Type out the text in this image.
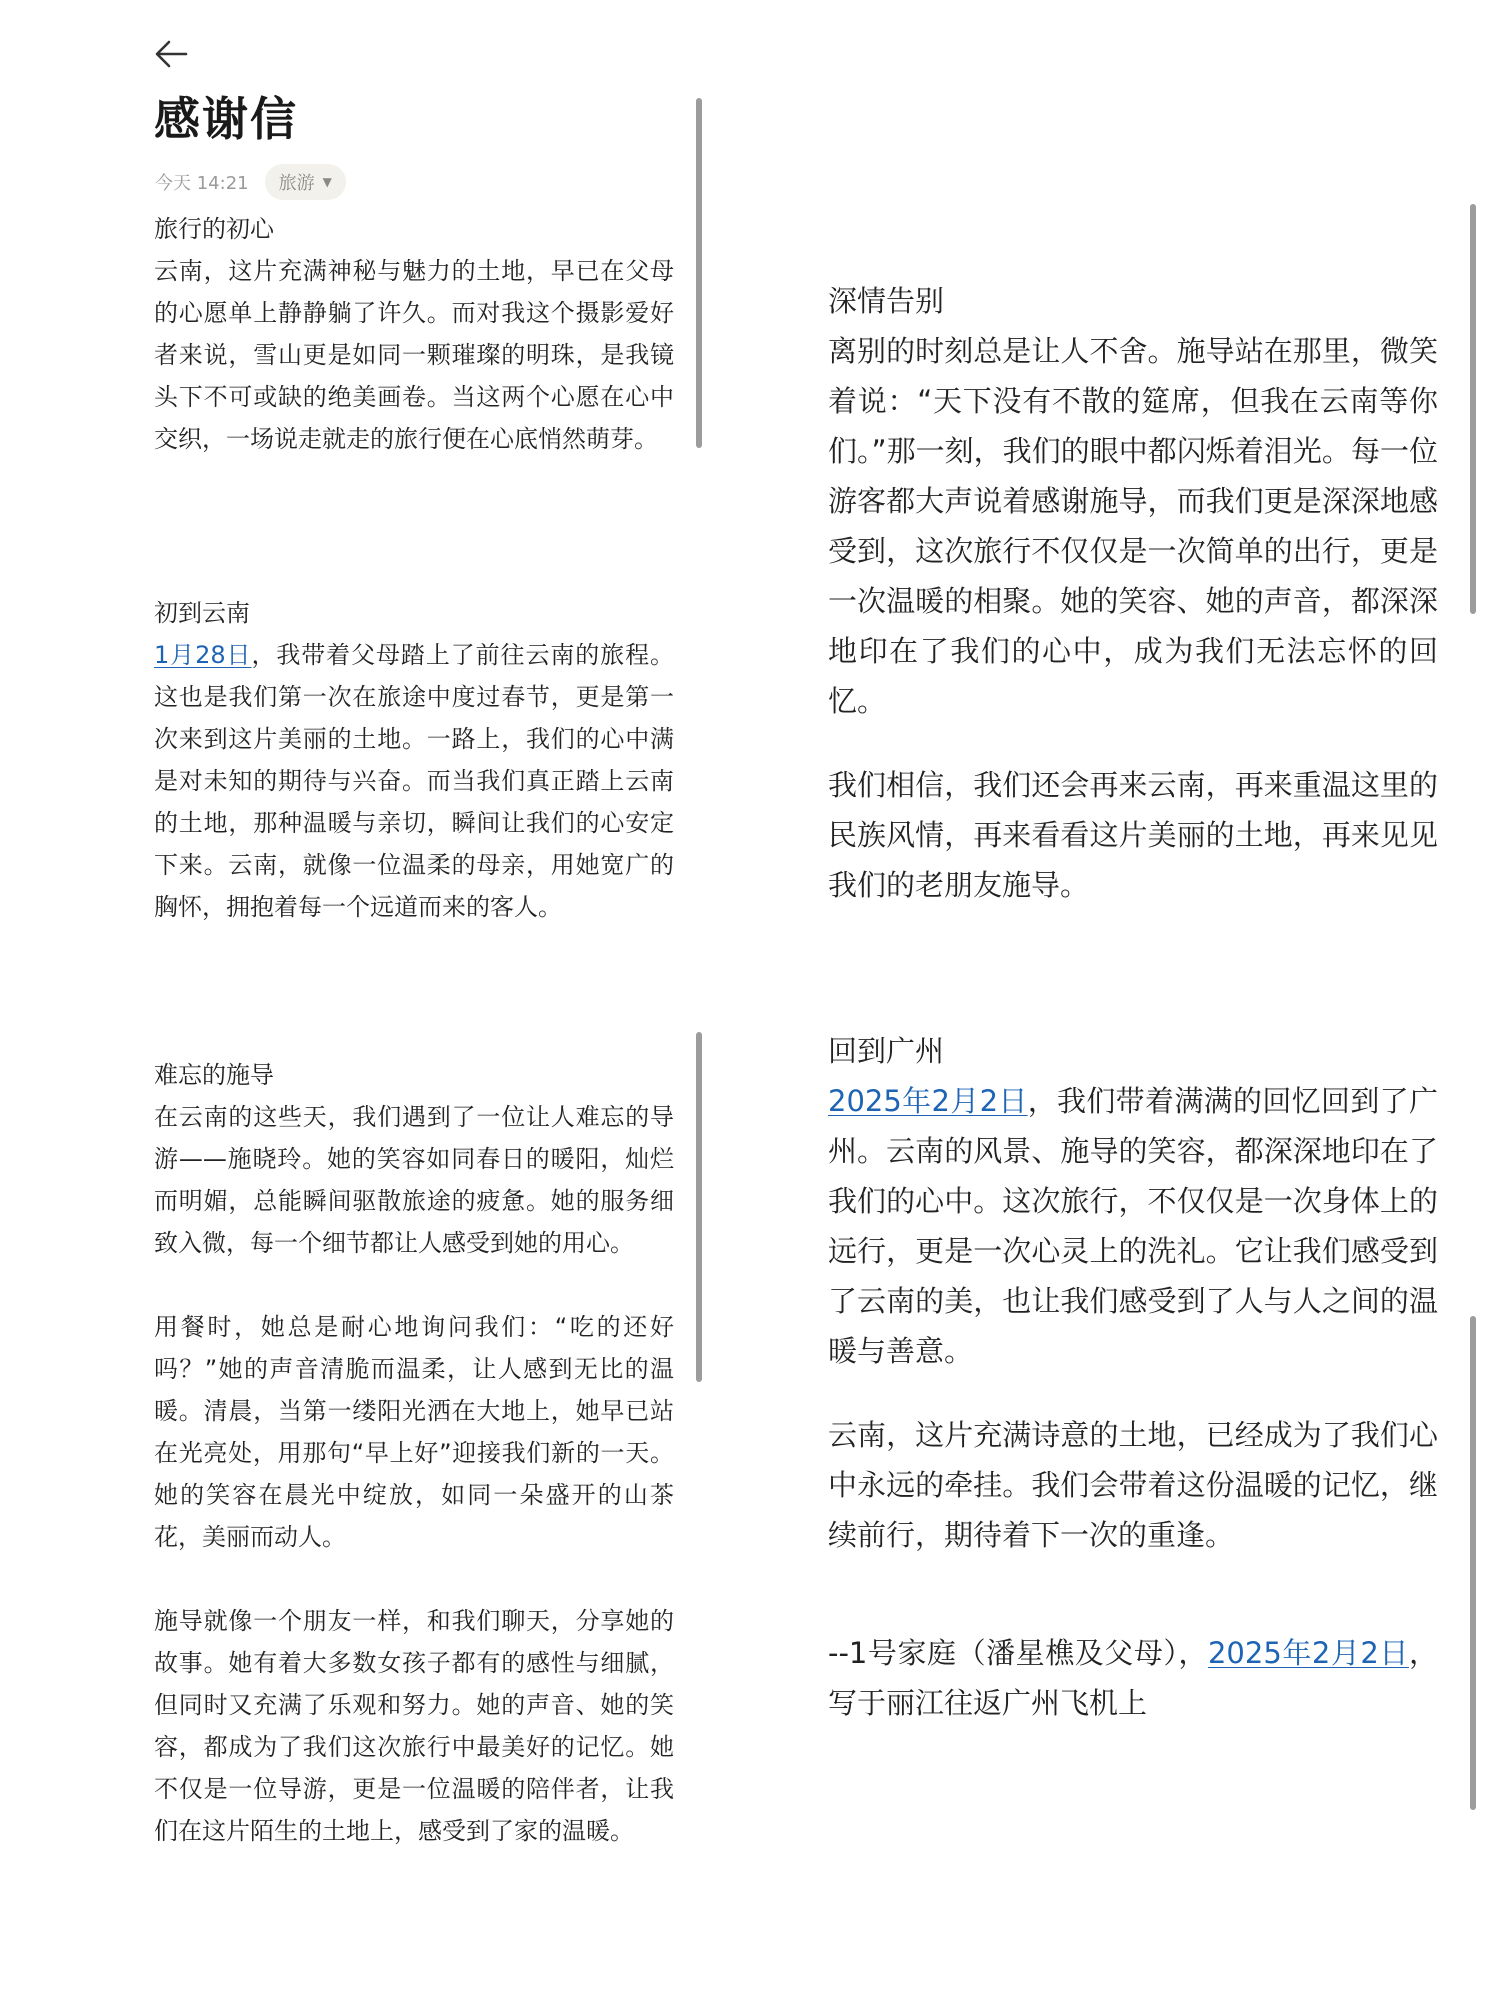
感谢信
今天 14:21 旅游 ▼
旅行的初心
云南，这片充满神秘与魅力的土地，早已在父母的心愿单上静静躺了许久。而对我这个摄影爱好者来说，雪山更是如同一颗璀璨的明珠，是我镜头下不可或缺的绝美画卷。当这两个心愿在心中交织，一场说走就走的旅行便在心底悄然萌芽。
初到云南
1月28日，我带着父母踏上了前往云南的旅程。这也是我们第一次在旅途中度过春节，更是第一次来到这片美丽的土地。一路上，我们的心中满是对未知的期待与兴奋。而当我们真正踏上云南的土地，那种温暖与亲切，瞬间让我们的心安定下来。云南，就像一位温柔的母亲，用她宽广的胸怀，拥抱着每一个远道而来的客人。
难忘的施导
在云南的这些天，我们遇到了一位让人难忘的导游——施晓玲。她的笑容如同春日的暖阳，灿烂而明媚，总能瞬间驱散旅途的疲惫。她的服务细致入微，每一个细节都让人感受到她的用心。
用餐时，她总是耐心地询问我们：“吃的还好吗？”她的声音清脆而温柔，让人感到无比的温暖。清晨，当第一缕阳光洒在大地上，她早已站在光亮处，用那句“早上好”迎接我们新的一天。她的笑容在晨光中绽放，如同一朵盛开的山茶花，美丽而动人。
施导就像一个朋友一样，和我们聊天，分享她的故事。她有着大多数女孩子都有的感性与细腻，但同时又充满了乐观和努力。她的声音、她的笑容，都成为了我们这次旅行中最美好的记忆。她不仅是一位导游，更是一位温暖的陪伴者，让我们在这片陌生的土地上，感受到了家的温暖。
深情告别
离别的时刻总是让人不舍。施导站在那里，微笑着说：“天下没有不散的筵席，但我在云南等你们。”那一刻，我们的眼中都闪烁着泪光。每一位游客都大声说着感谢施导，而我们更是深深地感受到，这次旅行不仅仅是一次简单的出行，更是一次温暖的相聚。她的笑容、她的声音，都深深地印在了我们的心中，成为我们无法忘怀的回忆。
我们相信，我们还会再来云南，再来重温这里的民族风情，再来看看这片美丽的土地，再来见见我们的老朋友施导。
回到广州
2025年2月2日，我们带着满满的回忆回到了广州。云南的风景、施导的笑容，都深深地印在了我们的心中。这次旅行，不仅仅是一次身体上的远行，更是一次心灵上的洗礼。它让我们感受到了云南的美，也让我们感受到了人与人之间的温暖与善意。
云南，这片充满诗意的土地，已经成为了我们心中永远的牵挂。我们会带着这份温暖的记忆，继续前行，期待着下一次的重逢。
--1号家庭（潘星樵及父母），2025年2月2日，写于丽江往返广州飞机上
